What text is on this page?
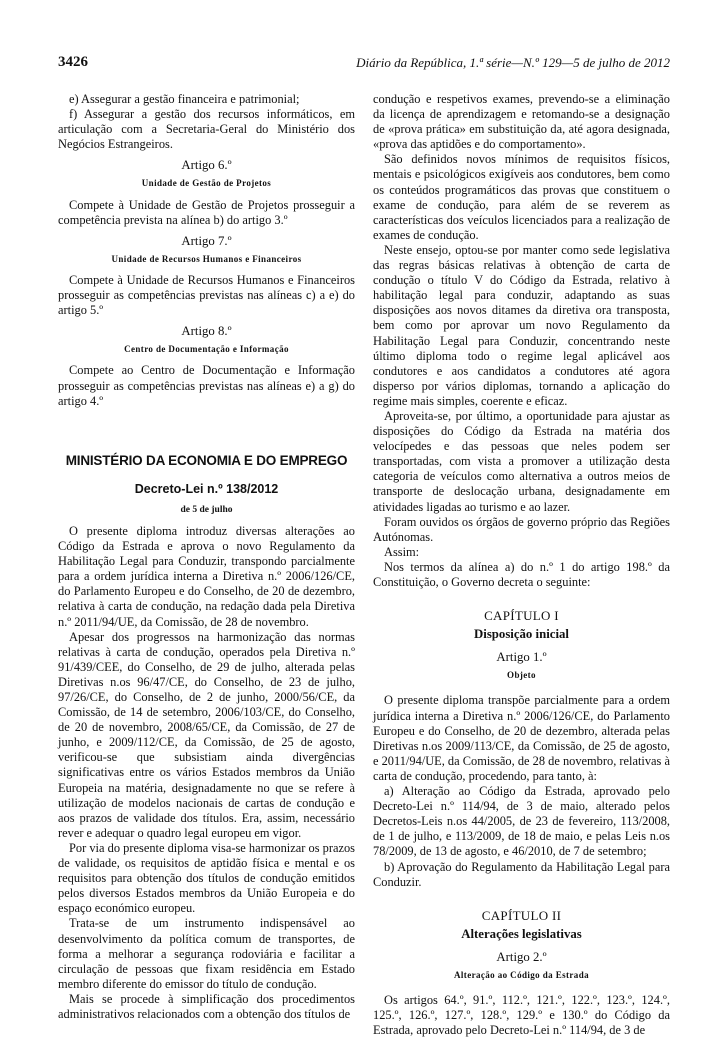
3426	Diário da República, 1.ª série—N.º 129—5 de julho de 2012

e) Assegurar a gestão financeira e patrimonial;

f) Assegurar a gestão dos recursos informáticos, em articulação com a Secretaria-Geral do Ministério dos Negócios Estrangeiros.

Artigo 6.º
Unidade de Gestão de Projetos

Compete à Unidade de Gestão de Projetos prosseguir a competência prevista na alínea b) do artigo 3.º

Artigo 7.º
Unidade de Recursos Humanos e Financeiros

Compete à Unidade de Recursos Humanos e Financeiros prosseguir as competências previstas nas alíneas c) a e) do artigo 5.º

Artigo 8.º
Centro de Documentação e Informação

Compete ao Centro de Documentação e Informação prosseguir as competências previstas nas alíneas e) a g) do artigo 4.º

MINISTÉRIO DA ECONOMIA E DO EMPREGO
Decreto-Lei n.º 138/2012
de 5 de julho

O presente diploma introduz diversas alterações ao Código da Estrada e aprova o novo Regulamento da Habilitação Legal para Conduzir, transpondo parcialmente para a ordem jurídica interna a Diretiva n.º 2006/126/CE, do Parlamento Europeu e do Conselho, de 20 de dezembro, relativa à carta de condução, na redação dada pela Diretiva n.º 2011/94/UE, da Comissão, de 28 de novembro.

Apesar dos progressos na harmonização das normas relativas à carta de condução, operados pela Diretiva n.º 91/439/CEE, do Conselho, de 29 de julho, alterada pelas Diretivas n.os 96/47/CE, do Conselho, de 23 de julho, 97/26/CE, do Conselho, de 2 de junho, 2000/56/CE, da Comissão, de 14 de setembro, 2006/103/CE, do Conselho, de 20 de novembro, 2008/65/CE, da Comissão, de 27 de junho, e 2009/112/CE, da Comissão, de 25 de agosto, verificou-se que subsistiam ainda divergências significativas entre os vários Estados membros da União Europeia na matéria, designadamente no que se refere à utilização de modelos nacionais de cartas de condução e aos prazos de validade dos títulos. Era, assim, necessário rever e adequar o quadro legal europeu em vigor.

Por via do presente diploma visa-se harmonizar os prazos de validade, os requisitos de aptidão física e mental e os requisitos para obtenção dos títulos de condução emitidos pelos diversos Estados membros da União Europeia e do espaço económico europeu.

Trata-se de um instrumento indispensável ao desenvolvimento da política comum de transportes, de forma a melhorar a segurança rodoviária e facilitar a circulação de pessoas que fixam residência em Estado membro diferente do emissor do título de condução.

Mais se procede à simplificação dos procedimentos administrativos relacionados com a obtenção dos títulos de

condução e respetivos exames, prevendo-se a eliminação da licença de aprendizagem e retomando-se a designação de «prova prática» em substituição da, até agora designada, «prova das aptidões e do comportamento».

São definidos novos mínimos de requisitos físicos, mentais e psicológicos exigíveis aos condutores, bem como os conteúdos programáticos das provas que constituem o exame de condução, para além de se reverem as características dos veículos licenciados para a realização de exames de condução.

Neste ensejo, optou-se por manter como sede legislativa das regras básicas relativas à obtenção de carta de condução o título V do Código da Estrada, relativo à habilitação legal para conduzir, adaptando as suas disposições aos novos ditames da diretiva ora transposta, bem como por aprovar um novo Regulamento da Habilitação Legal para Conduzir, concentrando neste último diploma todo o regime legal aplicável aos condutores e aos candidatos a condutores até agora disperso por vários diplomas, tornando a aplicação do regime mais simples, coerente e eficaz.

Aproveita-se, por último, a oportunidade para ajustar as disposições do Código da Estrada na matéria dos velocípedes e das pessoas que neles podem ser transportadas, com vista a promover a utilização desta categoria de veículos como alternativa a outros meios de transporte de deslocação urbana, designadamente em atividades ligadas ao turismo e ao lazer.

Foram ouvidos os órgãos de governo próprio das Regiões Autónomas.

Assim:

Nos termos da alínea a) do n.º 1 do artigo 198.º da Constituição, o Governo decreta o seguinte:

CAPÍTULO I
Disposição inicial
Artigo 1.º
Objeto

O presente diploma transpõe parcialmente para a ordem jurídica interna a Diretiva n.º 2006/126/CE, do Parlamento Europeu e do Conselho, de 20 de dezembro, alterada pelas Diretivas n.os 2009/113/CE, da Comissão, de 25 de agosto, e 2011/94/UE, da Comissão, de 28 de novembro, relativas à carta de condução, procedendo, para tanto, à:

a) Alteração ao Código da Estrada, aprovado pelo Decreto-Lei n.º 114/94, de 3 de maio, alterado pelos Decretos-Leis n.os 44/2005, de 23 de fevereiro, 113/2008, de 1 de julho, e 113/2009, de 18 de maio, e pelas Leis n.os 78/2009, de 13 de agosto, e 46/2010, de 7 de setembro;

b) Aprovação do Regulamento da Habilitação Legal para Conduzir.

CAPÍTULO II
Alterações legislativas
Artigo 2.º
Alteração ao Código da Estrada

Os artigos 64.º, 91.º, 112.º, 121.º, 122.º, 123.º, 124.º, 125.º, 126.º, 127.º, 128.º, 129.º e 130.º do Código da Estrada, aprovado pelo Decreto-Lei n.º 114/94, de 3 de
